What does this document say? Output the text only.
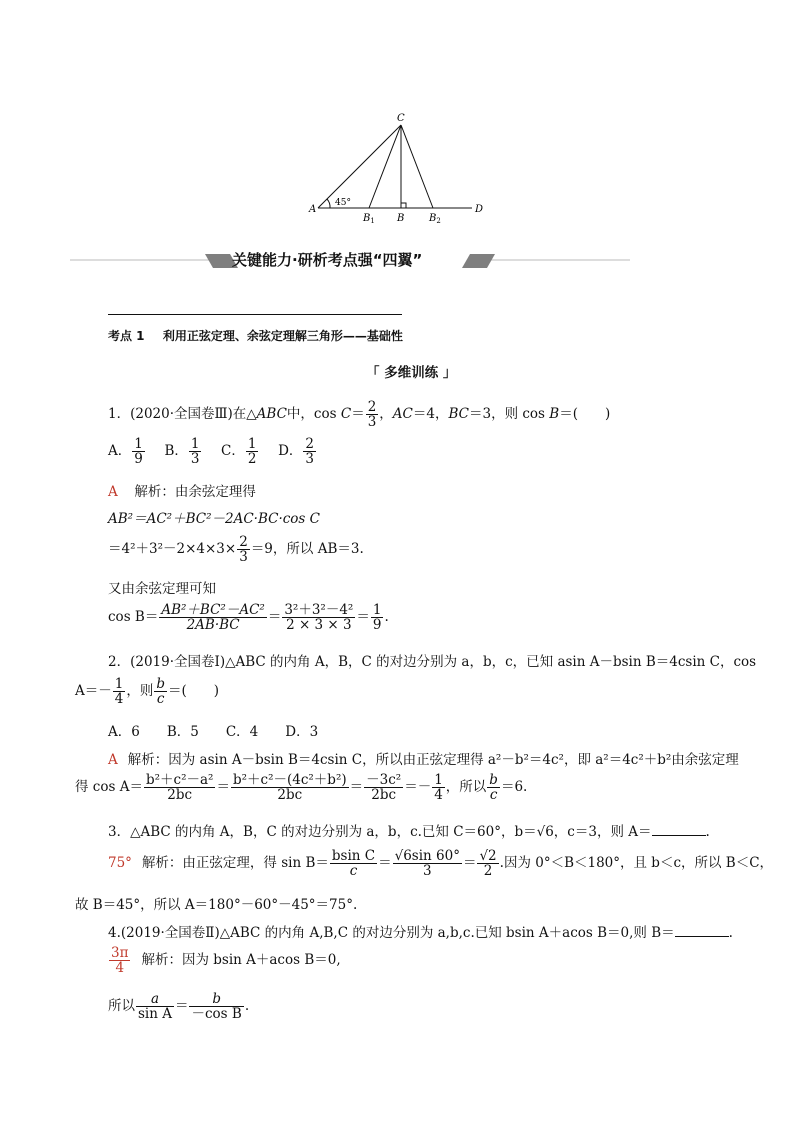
C
A
45°
$B_1$ B $B_2$
D
关键能力·研析考点强“四翼”
考点 1 利用正弦定理、余弦定理解三角形——基础性
「 多维训练 」
1．(2020·全国卷Ⅲ)在△ABC中，$\cos C= \frac{2}{3}$ ，AC＝4，BC＝3，则 cos B＝(　　)
A． $\frac{1}{9}$ B． $\frac{1}{3}$ C． $\frac{1}{2}$ D． $\frac{2}{3}$
A 解析：由余弦定理得
AB²＝AC²＋BC²－2AC·BC·cos C
$=4^2+3^2-2\times 4\times 3\times \frac{2}{3} =9$，所以 AB＝3.
又由余弦定理可知
$\cos B= \frac{\text{AB²＋BC²－AC²}}{2AB\cdot BC} = \frac{\text{3²＋3²－4²}}{2 \times 3 \times 3} = \frac{1}{9}$ .
2．(2019·全国卷Ⅰ)△ABC 的内角 A，B，C 的对边分别为 a，b，c，已知 asin A－bsin B＝4csin C，cos
$A=- \frac{1}{4}$ ，则 $\frac{b}{c}$ ＝(　　)
A．6　　B．5　　C．4　　D．3
A 解析：因为 asin A－bsin B＝4csin C，所以由正弦定理得 a²－b²＝4c²，即 a²＝4c²＋b²由余弦定理
得 $\cos A= \frac{\text{b²＋c²－a²}}{2bc} = \frac{\text{b²＋c²－(4c²＋b²)}}{2bc} = \frac{\text{－3c²}}{2bc} =- \frac{1}{4}$ ，所以 $\frac{b}{c} =6$.
3．△ABC 的内角 A，B，C 的对边分别为 a，b，c.已知 C＝60°，b＝√6，c＝3，则 A＝	.
75° 解析：由正弦定理，得 $\sin B= \frac{\text{bsin C}}{c} = \frac{√6\sin 60^\circ}{3} = \frac{√2}{2}$ .因为 0°＜B＜180°，且 b＜c，所以 B＜C，
故 B＝45°，所以 A＝180°－60°－45°＝75°.
4.(2019·全国卷Ⅱ)△ABC 的内角 A,B,C 的对边分别为 a,b,c.已知 bsin A＋acos B＝0,则 B＝	.
$\frac{3\pi}{4}$ 解析：因为 bsin A＋acos B＝0,
所以 $\frac{a}{\text{sin A}} = \frac{b}{\text{－cos B}}$ .
